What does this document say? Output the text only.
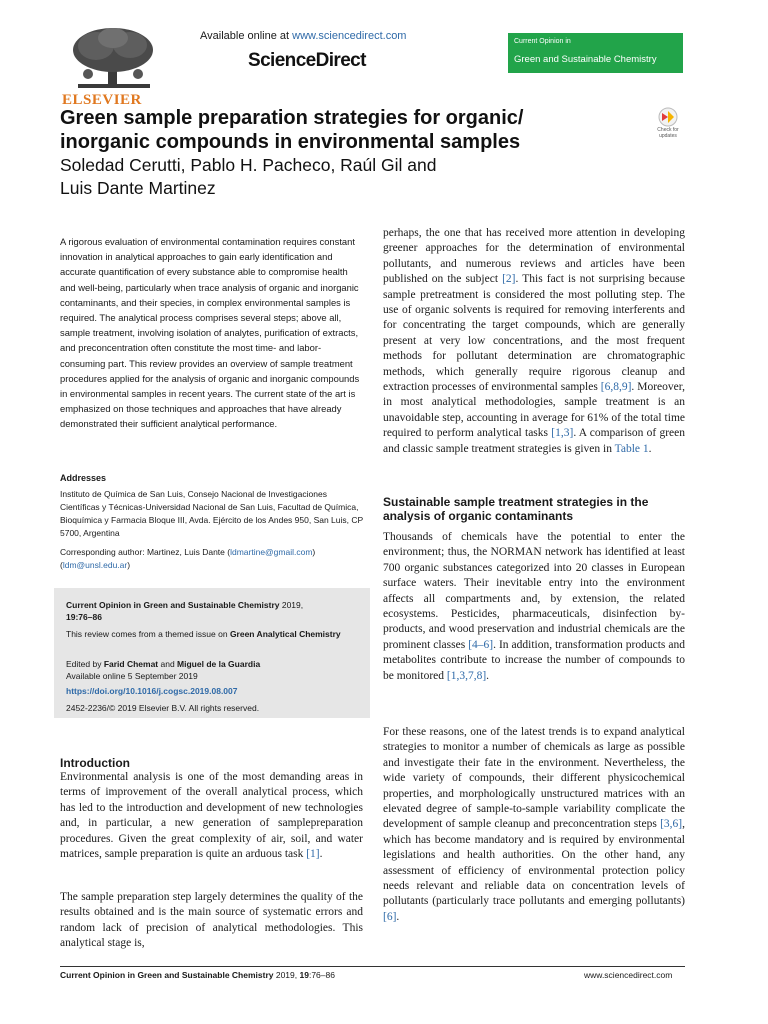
ELSEVIER
Available online at www.sciencedirect.com
ScienceDirect
Current Opinion in
Green and Sustainable Chemistry
Check for updates
Green sample preparation strategies for organic/
inorganic compounds in environmental samples
Soledad Cerutti, Pablo H. Pacheco, Raúl Gil and
Luis Dante Martinez
A rigorous evaluation of environmental contamination requires constant innovation in analytical approaches to gain early identification and accurate quantification of every substance able to compromise health and well-being, particularly when trace analysis of organic and inorganic contaminants, and their species, in complex environmental samples is required. The analytical process comprises several steps; above all, sample treatment, involving isolation of analytes, purification of extracts, and preconcentration often constitute the most time- and labor-consuming part. This review provides an overview of sample treatment procedures applied for the analysis of organic and inorganic compounds in environmental samples in recent years. The current state of the art is emphasized on those techniques and approaches that have already demonstrated their sufficient analytical performance.
Addresses
Instituto de Química de San Luis, Consejo Nacional de Investigaciones Científicas y Técnicas-Universidad Nacional de San Luis, Facultad de Química, Bioquímica y Farmacia Bloque III, Avda. Ejército de los Andes 950, San Luis, CP 5700, Argentina
Corresponding author: Martinez, Luis Dante (ldmartine@gmail.com)
(ldm@unsl.edu.ar)
Current Opinion in Green and Sustainable Chemistry 2019,
19:76–86
This review comes from a themed issue on Green Analytical Chemistry
Edited by Farid Chemat and Miguel de la Guardia
Available online 5 September 2019
https://doi.org/10.1016/j.cogsc.2019.08.007
2452-2236/© 2019 Elsevier B.V. All rights reserved.
Introduction
Environmental analysis is one of the most demanding areas in terms of improvement of the overall analytical process, which has led to the introduction and development of new technologies and, in particular, a new generation of samplepreparation procedures. Given the great complexity of air, soil, and water matrices, sample preparation is quite an arduous task [1].
The sample preparation step largely determines the quality of the results obtained and is the main source of systematic errors and random lack of precision of analytical methodologies. This analytical stage is,
perhaps, the one that has received more attention in developing greener approaches for the determination of environmental pollutants, and numerous reviews and articles have been published on the subject [2]. This fact is not surprising because sample pretreatment is considered the most polluting step. The use of organic solvents is required for removing interferents and for concentrating the target compounds, which are generally present at very low concentrations, and the most frequent methods for pollutant determination are chromatographic methods, which generally require rigorous cleanup and extraction processes of environmental samples [6,8,9]. Moreover, in most analytical methodologies, sample treatment is an unavoidable step, accounting in average for 61% of the total time required to perform analytical tasks [1,3]. A comparison of green and classic sample treatment strategies is given in Table 1.
Sustainable sample treatment strategies in the analysis of organic contaminants
Thousands of chemicals have the potential to enter the environment; thus, the NORMAN network has identified at least 700 organic substances categorized into 20 classes in European surface waters. Their inevitable entry into the environment affects all compartments and, by extension, the related ecosystems. Pesticides, pharmaceuticals, disinfection by-products, and wood preservation and industrial chemicals are the prominent classes [4–6]. In addition, transformation products and metabolites contribute to increase the number of compounds to be monitored [1,3,7,8].
For these reasons, one of the latest trends is to expand analytical strategies to monitor a number of chemicals as large as possible and investigate their fate in the environment. Nevertheless, the wide variety of compounds, their different physicochemical properties, and morphologically unstructured matrices with an elevated degree of sample-to-sample variability complicate the development of sample cleanup and preconcentration steps [3,6], which has become mandatory and is required by environmental legislations and health authorities. On the other hand, any assessment of efficiency of environmental protection policy needs relevant and reliable data on concentration levels of pollutants (particularly trace pollutants and emerging pollutants) [6].
Current Opinion in Green and Sustainable Chemistry 2019, 19:76–86	www.sciencedirect.com
